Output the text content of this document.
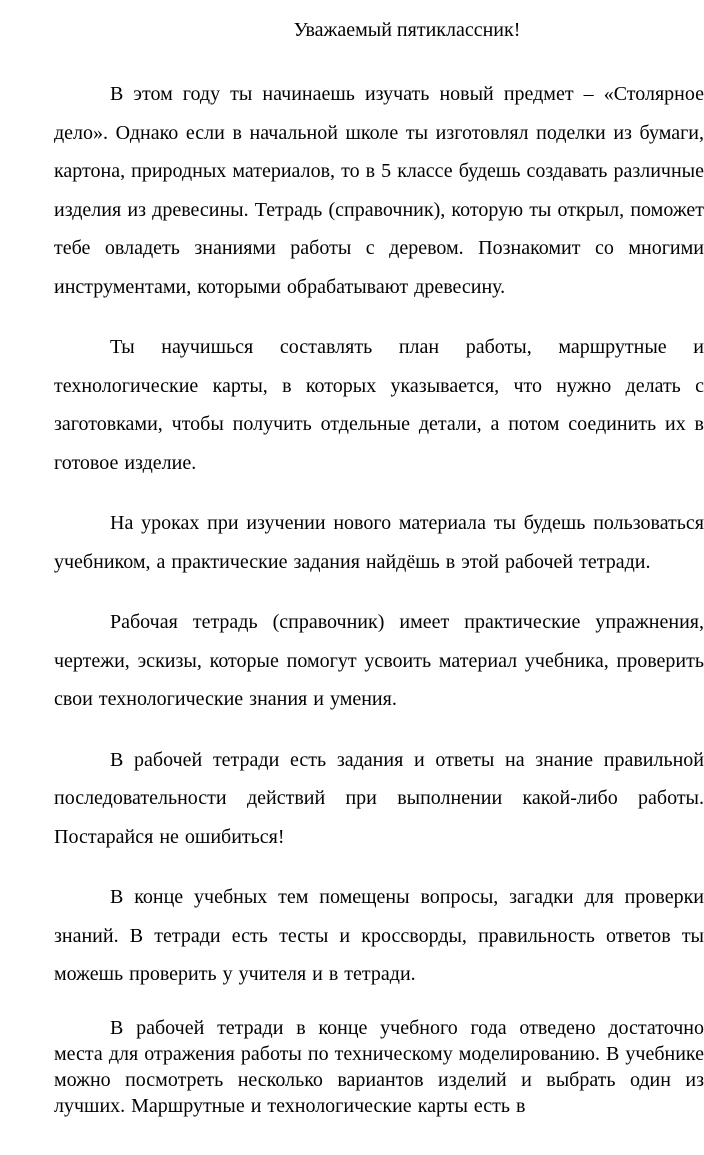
Уважаемый пятиклассник!

В этом году ты начинаешь изучать новый предмет – «Столярное дело». Однако если в начальной школе ты изготовлял поделки из бумаги, картона, природных материалов, то в 5 классе будешь создавать различные изделия из древесины. Тетрадь (справочник), которую ты открыл, поможет тебе овладеть знаниями работы с деревом. Познакомит со многими инструментами, которыми обрабатывают древесину.

Ты научишься составлять план работы, маршрутные и технологические карты, в которых указывается, что нужно делать с заготовками, чтобы получить отдельные детали, а потом соединить их в готовое изделие.

На уроках при изучении нового материала ты будешь пользоваться учебником, а практические задания найдёшь в этой рабочей тетради.

Рабочая тетрадь (справочник) имеет практические упражнения, чертежи, эскизы, которые помогут усвоить материал учебника, проверить свои технологические знания и умения.

В рабочей тетради есть задания и ответы на знание правильной последовательности действий при выполнении какой-либо работы. Постарайся не ошибиться!

В конце учебных тем помещены вопросы, загадки для проверки знаний. В тетради есть тесты и кроссворды, правильность ответов ты можешь проверить у учителя и в тетради.

В рабочей тетради в конце учебного года отведено достаточно места для отражения работы по техническому моделированию. В учебнике можно посмотреть несколько вариантов изделий и выбрать один из лучших. Маршрутные и технологические карты есть в
